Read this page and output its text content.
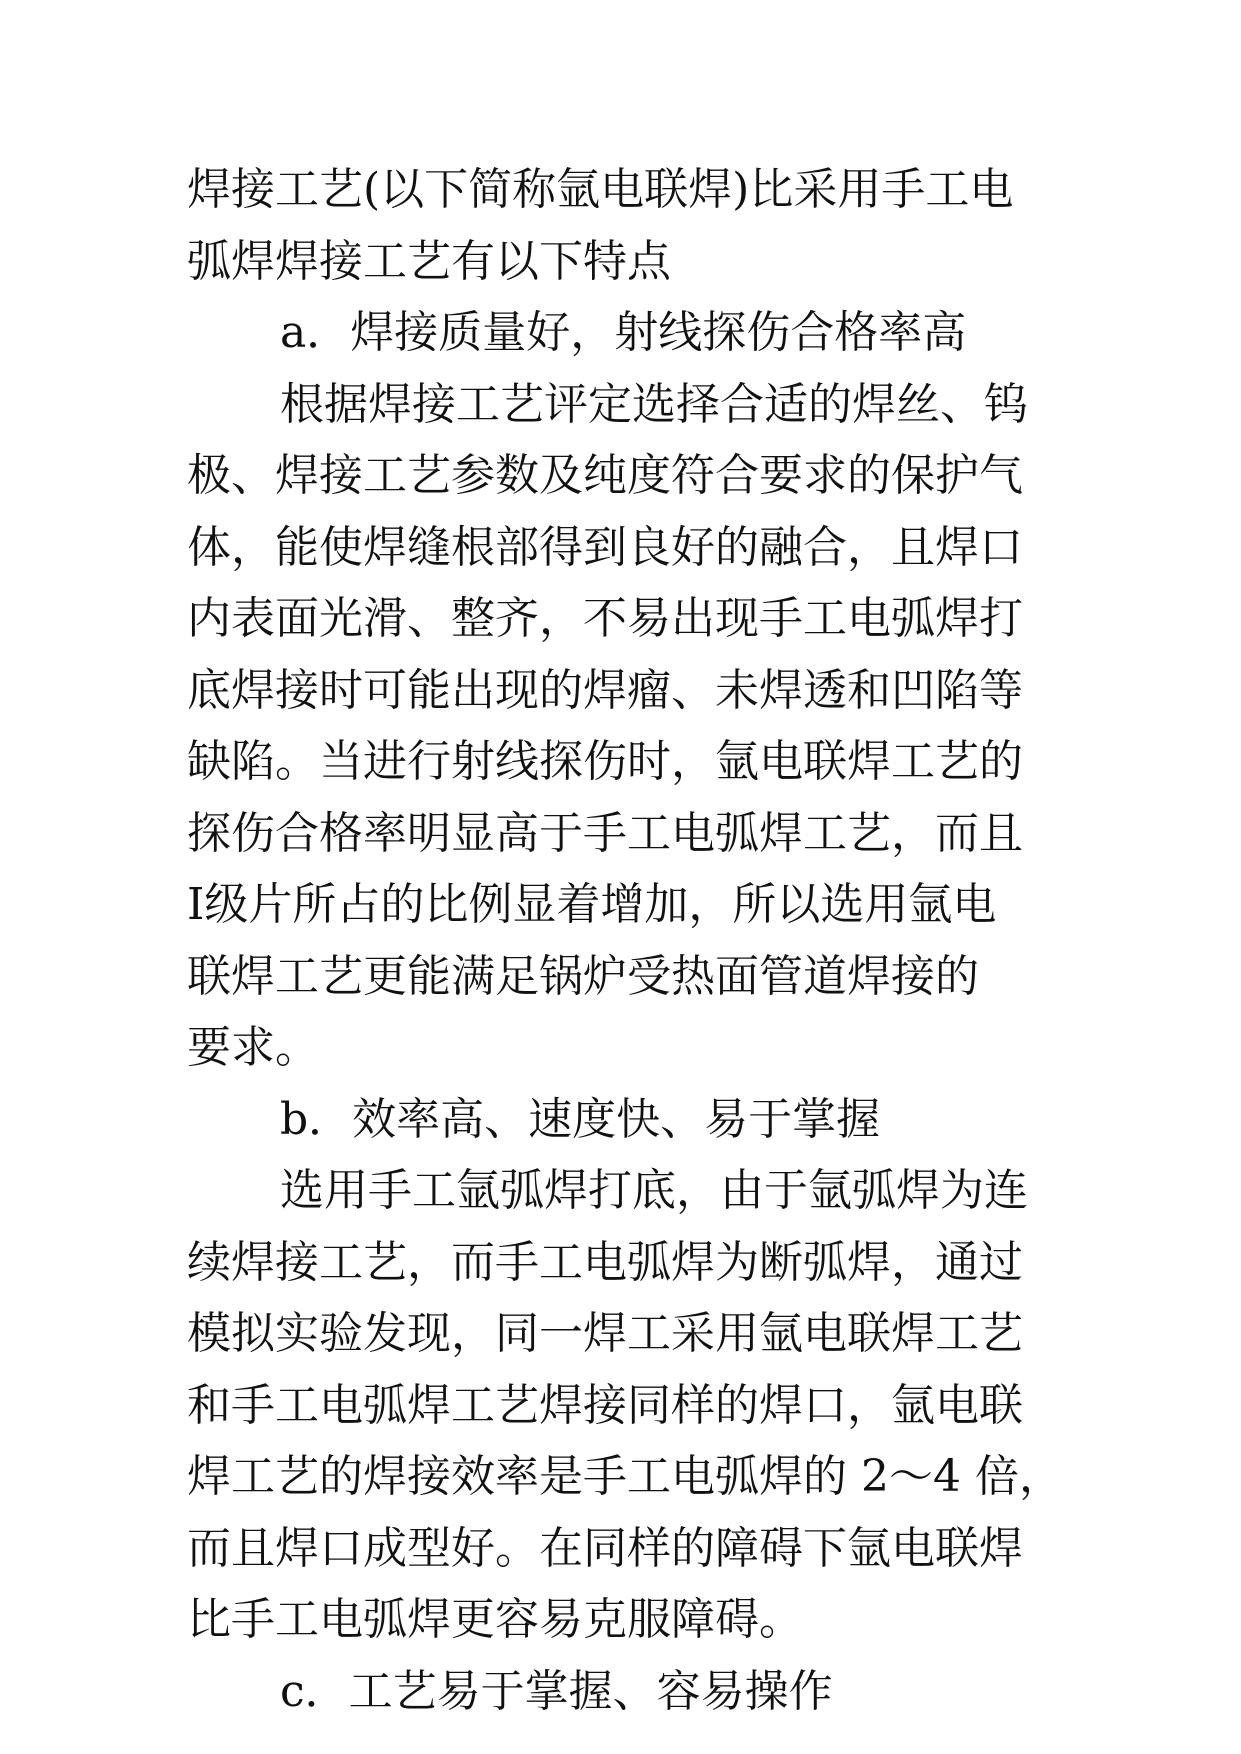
焊接工艺(以下简称氩电联焊)比采用手工电
弧焊焊接工艺有以下特点
a．焊接质量好，射线探伤合格率高
根据焊接工艺评定选择合适的焊丝、钨
极、焊接工艺参数及纯度符合要求的保护气
体，能使焊缝根部得到良好的融合，且焊口
内表面光滑、整齐，不易出现手工电弧焊打
底焊接时可能出现的焊瘤、未焊透和凹陷等
缺陷。当进行射线探伤时，氩电联焊工艺的
探伤合格率明显高于手工电弧焊工艺，而且
Ⅰ级片所占的比例显着增加，所以选用氩电
联焊工艺更能满足锅炉受热面管道焊接的
要求。
b．效率高、速度快、易于掌握
选用手工氩弧焊打底，由于氩弧焊为连
续焊接工艺，而手工电弧焊为断弧焊，通过
模拟实验发现，同一焊工采用氩电联焊工艺
和手工电弧焊工艺焊接同样的焊口，氩电联
焊工艺的焊接效率是手工电弧焊的 2～4 倍，
而且焊口成型好。在同样的障碍下氩电联焊
比手工电弧焊更容易克服障碍。
c．工艺易于掌握、容易操作
